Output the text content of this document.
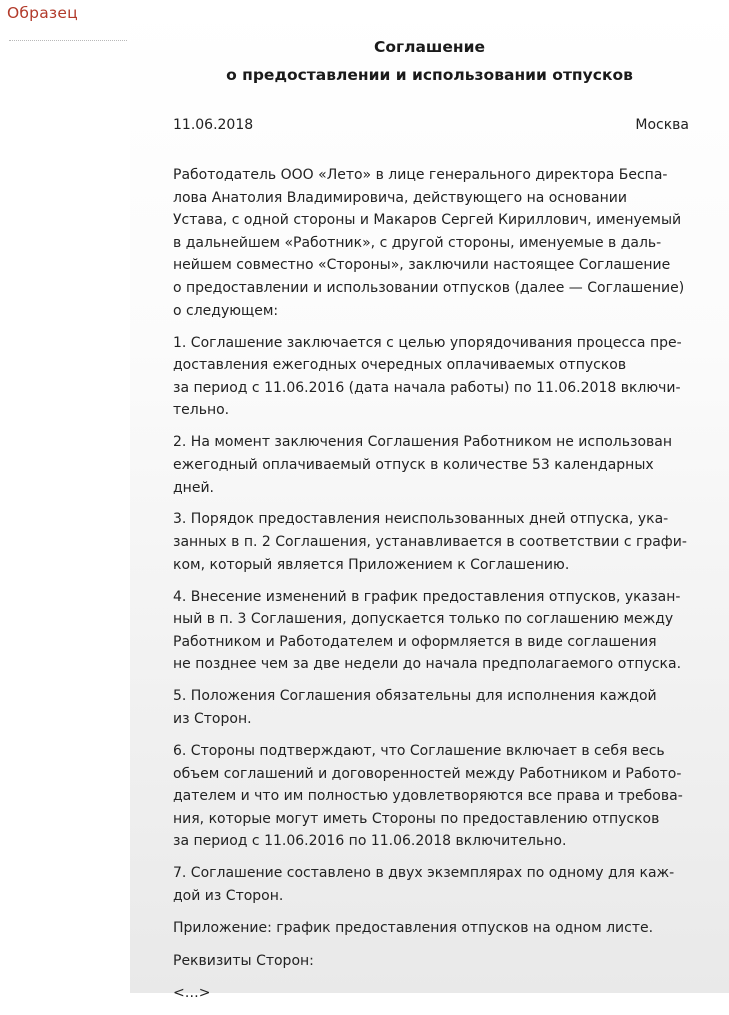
Образец
Соглашение
о предоставлении и использовании отпусков
11.06.2018	Москва

Работодатель ООО «Лето» в лице генерального директора Беспа-
лова Анатолия Владимировича, действующего на основании
Устава, с одной стороны и Макаров Сергей Кириллович, именуемый
в дальнейшем «Работник», с другой стороны, именуемые в даль-
нейшем совместно «Стороны», заключили настоящее Соглашение
о предоставлении и использовании отпусков (далее — Соглашение)
о следующем:

1. Соглашение заключается с целью упорядочивания процесса пре-
доставления ежегодных очередных оплачиваемых отпусков
за период с 11.06.2016 (дата начала работы) по 11.06.2018 включи-
тельно.

2. На момент заключения Соглашения Работником не использован
ежегодный оплачиваемый отпуск в количестве 53 календарных
дней.

3. Порядок предоставления неиспользованных дней отпуска, ука-
занных в п. 2 Соглашения, устанавливается в соответствии с графи-
ком, который является Приложением к Соглашению.

4. Внесение изменений в график предоставления отпусков, указан-
ный в п. 3 Соглашения, допускается только по соглашению между
Работником и Работодателем и оформляется в виде соглашения
не позднее чем за две недели до начала предполагаемого отпуска.

5. Положения Соглашения обязательны для исполнения каждой
из Сторон.

6. Стороны подтверждают, что Соглашение включает в себя весь
объем соглашений и договоренностей между Работником и Работо-
дателем и что им полностью удовлетворяются все права и требова-
ния, которые могут иметь Стороны по предоставлению отпусков
за период с 11.06.2016 по 11.06.2018 включительно.

7. Соглашение составлено в двух экземплярах по одному для каж-
дой из Сторон.

Приложение: график предоставления отпусков на одном листе.

Реквизиты Сторон:

<…>
